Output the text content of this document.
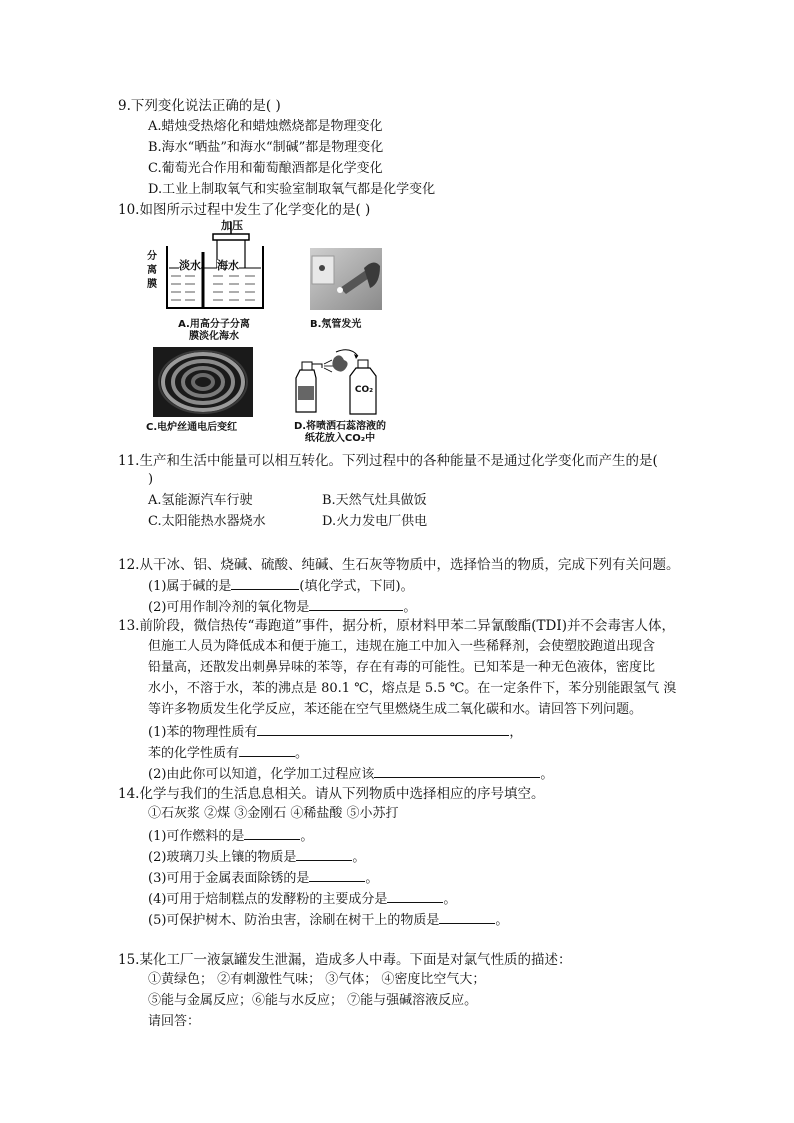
9.下列变化说法正确的是( )
A.蜡烛受热熔化和蜡烛燃烧都是物理变化
B.海水“晒盐”和海水“制碱”都是物理变化
C.葡萄光合作用和葡萄酿酒都是化学变化
D.工业上制取氧气和实验室制取氧气都是化学变化
10.如图所示过程中发生了化学变化的是( )
加压
分离膜
淡水 海水
A.用高分子分离
膜淡化海水
B.氖管发光
C.电炉丝通电后变红
CO₂
D.将喷洒石蕊溶液的
纸花放入CO₂中
11.生产和生活中能量可以相互转化。下列过程中的各种能量不是通过化学变化而产生的是(
)
A.氢能源汽车行驶	B.天然气灶具做饭
C.太阳能热水器烧水	D.火力发电厂供电
12.从干冰、铝、烧碱、硫酸、纯碱、生石灰等物质中，选择恰当的物质，完成下列有关问题。
(1)属于碱的是	(填化学式，下同)。
(2)可用作制冷剂的氧化物是	。
13.前阶段，微信热传“毒跑道”事件，据分析，原材料甲苯二异氰酸酯(TDI)并不会毒害人体，
但施工人员为降低成本和便于施工，违规在施工中加入一些稀释剂，会使塑胶跑道出现含
铅量高，还散发出刺鼻异味的苯等，存在有毒的可能性。已知苯是一种无色液体，密度比
水小，不溶于水，苯的沸点是 80.1 ℃，熔点是 5.5 ℃。在一定条件下，苯分别能跟氢气 溴
等许多物质发生化学反应，苯还能在空气里燃烧生成二氧化碳和水。请回答下列问题。
(1)苯的物理性质有	，
苯的化学性质有	。
(2)由此你可以知道，化学加工过程应该	。
14.化学与我们的生活息息相关。请从下列物质中选择相应的序号填空。
①石灰浆 ②煤 ③金刚石 ④稀盐酸 ⑤小苏打
(1)可作燃料的是	。
(2)玻璃刀头上镶的物质是	。
(3)可用于金属表面除锈的是	。
(4)可用于焙制糕点的发酵粉的主要成分是	。
(5)可保护树木、防治虫害，涂刷在树干上的物质是	。
15.某化工厂一液氯罐发生泄漏，造成多人中毒。下面是对氯气性质的描述：
①黄绿色； ②有刺激性气味； ③气体； ④密度比空气大；
⑤能与金属反应；⑥能与水反应； ⑦能与强碱溶液反应。
请回答：
